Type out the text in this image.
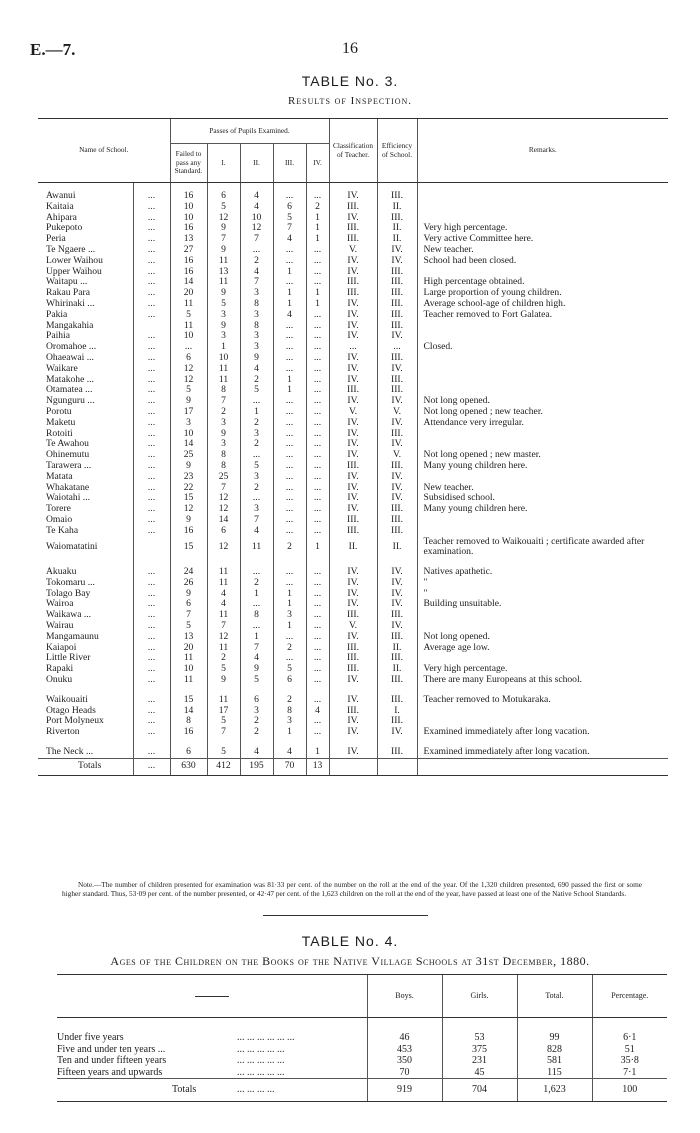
E.—7.	16
TABLE No. 3.
Results of Inspection.
Name of School.		Passes of Pupils Examined.					Classification of Teacher.	Efficiency of School.	Remarks.
		Failed to pass any Standard.	I.	II.	III.	IV.			

Awanui	...	16	6	4	...	...	IV.	III.	
Kaitaia	...	10	5	4	6	2	III.	II.	
Ahipara	...	10	12	10	5	1	IV.	III.	
Pukepoto	...	16	9	12	7	1	III.	II.	Very high percentage.
Peria	...	13	7	7	4	1	III.	II.	Very active Committee here.
Te Ngaere ...	...	27	9	...	...	...	V.	IV.	New teacher.
Lower Waihou	...	16	11	2	...	...	IV.	IV.	School had been closed.
Upper Waihou	...	16	13	4	1	...	IV.	III.	
Waitapu ...	...	14	11	7	...	...	III.	III.	High percentage obtained.
Rakau Para	...	20	9	3	1	1	III.	III.	Large proportion of young children.
Whirinaki ...	...	11	5	8	1	1	IV.	III.	Average school-age of children high.
Pakia	...	5	3	3	4	...	IV.	III.	Teacher removed to Fort Galatea.
Mangakahia		11	9	8	...	...	IV.	III.	
Paihia	...	10	3	3	...	...	IV.	IV.	
Oromahoe ...	...	...	1	3	...	...	...	...	Closed.
Ohaeawai ...	...	6	10	9	...	...	IV.	III.	
Waikare	...	12	11	4	...	...	IV.	IV.	
Matakohe ...	...	12	11	2	1	...	IV.	III.	
Otamatea ...	...	5	8	5	1	...	III.	III.	
Ngunguru ...	...	9	7	...	...	...	IV.	IV.	Not long opened.
Porotu	...	17	2	1	...	...	V.	V.	Not long opened ; new teacher.
Maketu	...	3	3	2	...	...	IV.	IV.	Attendance very irregular.
Rotoiti	...	10	9	3	...	...	IV.	III.	
Te Awahou	...	14	3	2	...	...	IV.	IV.	
Ohinemutu	...	25	8	...	...	...	IV.	V.	Not long opened ; new master.
Tarawera ...	...	9	8	5	...	...	III.	III.	Many young children here.
Matata	...	23	25	3	...	...	IV.	IV.	
Whakatane	...	22	7	2	...	...	IV.	IV.	New teacher.
Waiotahi ...	...	15	12	...	...	...	IV.	IV.	Subsidised school.
Torere	...	12	12	3	...	...	IV.	III.	Many young children here.
Omaio	...	9	14	7	...	...	III.	III.	
Te Kaha	...	16	6	4	...	...	III.	III.	
Waiomatatini		15	12	11	2	1	II.	II.	Teacher removed to Waikouaiti ; certificate awarded after examination.

Akuaku	...	24	11	...	...	...	IV.	IV.	Natives apathetic.
Tokomaru ...	...	26	11	2	...	...	IV.	IV.	"
Tolago Bay	...	9	4	1	1	...	IV.	IV.	"
Wairoa	...	6	4	...	1	...	IV.	IV.	Building unsuitable.
Waikawa ...	...	7	11	8	3	...	III.	III.	
Wairau	...	5	7	...	1	...	V.	IV.	
Mangamaunu	...	13	12	1	...	...	IV.	III.	Not long opened.
Kaiapoi	...	20	11	7	2	...	III.	II.	Average age low.
Little River	...	11	2	4	...	...	III.	III.	
Rapaki	...	10	5	9	5	...	III.	II.	Very high percentage.
Onuku	...	11	9	5	6	...	IV.	III.	There are many Europeans at this school.

Waikouaiti	...	15	11	6	2	...	IV.	III.	Teacher removed to Motukaraka.
Otago Heads	...	14	17	3	8	4	III.	I.	
Port Molyneux	...	8	5	2	3	...	IV.	III.	
Riverton	...	16	7	2	1	...	IV.	IV.	Examined immediately after long vacation.

The Neck ...	...	6	5	4	4	1	IV.	III.	Examined immediately after long vacation.
Totals	...	630	412	195	70	13			
Note.—The number of children presented for examination was 81·33 per cent. of the number on the roll at the end of the year. Of the 1,320 children presented, 690 passed the first or some higher standard. Thus, 53·09 per cent. of the number presented, or 42·47 per cent. of the 1,623 children on the roll at the end of the year, have passed at least one of the Native School Standards.
TABLE No. 4.
Ages of the Children on the Books of the Native Village Schools at 31st December, 1880.
		Boys.	Girls.	Total.	Percentage.

Under five years	... ... ... ... ... ...	46	53	99	6·1
Five and under ten years ...	... ... ... ... ...	453	375	828	51
Ten and under fifteen years	... ... ... ... ...	350	231	581	35·8
Fifteen years and upwards	... ... ... ... ...	70	45	115	7·1
Totals	... ... ... ...	919	704	1,623	100
